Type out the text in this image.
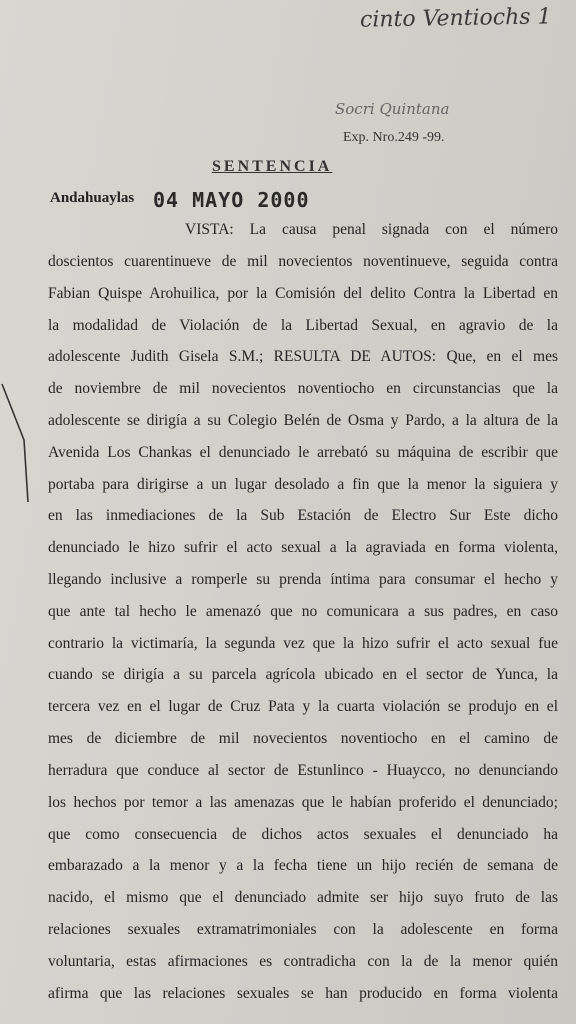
cinto Ventiochs 1
Socri Quintana
Exp. Nro.249 -99.
SENTENCIA
Andahuaylas 04 MAYO 2000
VISTA: La causa penal signada con el número
doscientos cuarentinueve de mil novecientos noventinueve, seguida contra
Fabian Quispe Arohuilica, por la Comisión del delito Contra la Libertad en
la modalidad de Violación de la Libertad Sexual, en agravio de la
adolescente Judith Gisela S.M.; RESULTA DE AUTOS: Que, en el mes
de noviembre de mil novecientos noventiocho en circunstancias que la
adolescente se dirigía a su Colegio Belén de Osma y Pardo, a la altura de la
Avenida Los Chankas el denunciado le arrebató su máquina de escribir que
portaba para dirigirse a un lugar desolado a fin que la menor la siguiera y
en las inmediaciones de la Sub Estación de Electro Sur Este dicho
denunciado le hizo sufrir el acto sexual a la agraviada en forma violenta,
llegando inclusive a romperle su prenda íntima para consumar el hecho y
que ante tal hecho le amenazó que no comunicara a sus padres, en caso
contrario la victimaría, la segunda vez que la hizo sufrir el acto sexual fue
cuando se dirigía a su parcela agrícola ubicado en el sector de Yunca, la
tercera vez en el lugar de Cruz Pata y la cuarta violación se produjo en el
mes de diciembre de mil novecientos noventiocho en el camino de
herradura que conduce al sector de Estunlinco - Huaycco, no denunciando
los hechos por temor a las amenazas que le habían proferido el denunciado;
que como consecuencia de dichos actos sexuales el denunciado ha
embarazado a la menor y a la fecha tiene un hijo recién de semana de
nacido, el mismo que el denunciado admite ser hijo suyo fruto de las
relaciones sexuales extramatrimoniales con la adolescente en forma
voluntaria, estas afirmaciones es contradicha con la de la menor quién
afirma que las relaciones sexuales se han producido en forma violenta
